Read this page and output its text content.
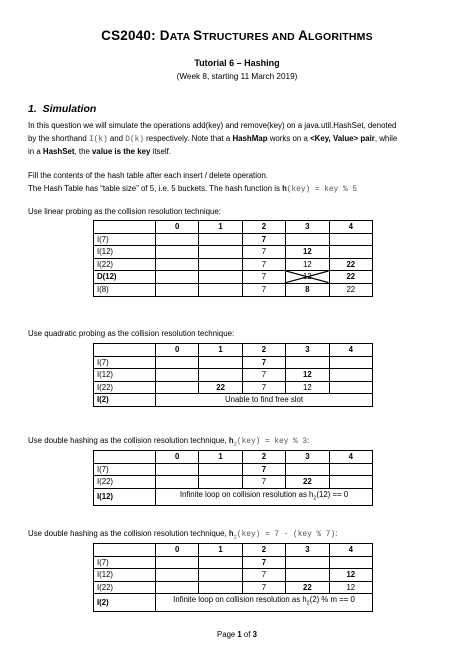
CS2040: DATA STRUCTURES AND ALGORITHMS
Tutorial 6 – Hashing
(Week 8, starting 11 March 2019)
1. Simulation
In this question we will simulate the operations add(key) and remove(key) on a java.util.HashSet, denoted
by the shorthand I(k) and D(k) respectively. Note that a HashMap works on a <Key, Value> pair, while
in a HashSet, the value is the key itself.
Fill the contents of the hash table after each insert / delete operation.
The Hash Table has “table size” of 5, i.e. 5 buckets. The hash function is h(key) = key % 5
Use linear probing as the collision resolution technique:
	0	1	2	3	4
I(7)			7		
I(12)			7	12	
I(22)			7	12	22
D(12)			7		22
I(8)			7	8	22
Use quadratic probing as the collision resolution technique:
	0	1	2	3	4
I(7)			7		
I(12)			7	12	
I(22)		22	7	12	
I(2)	Unable to find free slot				
Use double hashing as the collision resolution technique, $h_2(key)$ = key % 3:
	0	1	2	3	4
I(7)			7		
I(22)			7	22	
I(12)	Infinite loop on collision resolution as $h_2(12) == 0$				
Use double hashing as the collision resolution technique, $h_2(key) = 7 - (key$ % 7):
	0	1	2	3	4
I(7)			7		
I(12)			7		12
I(22)			7	22	12
I(2)	Infinite loop on collision resolution as $h_2(2)$ % m == 0				
Page 1 of 3
